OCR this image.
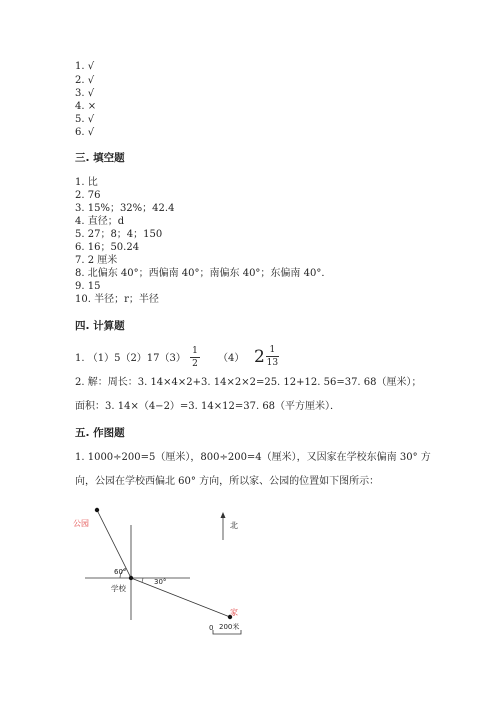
1. √
2. √
3. √
4. ×
5. √
6. √
三. 填空题
1. 比
2. 76
3. 15%；32%；42.4
4. 直径；d
5. 27；8；4；150
6. 16；50.24
7. 2 厘米
8. 北偏东 40°；西偏南 40°；南偏东 40°；东偏南 40°．
9. 15
10. 半径；r；半径
四. 计算题
1. （1）5（2）17（3）
1
2 （4） $2 \frac{1}{13}$
2. 解：周长：3. 14×4×2+3. 14×2×2=25. 12+12. 56=37. 68（厘米）；
面积：3. 14×（4−2）=3. 14×12=37. 68（平方厘米）．
五. 作图题
1. 1000÷200=5（厘米），800÷200=4（厘米），又因家在学校东偏南 30° 方
向，公园在学校西偏北 60° 方向，所以家、公园的位置如下图所示：
公园	北
60°
30°
学校
家
0 200米
